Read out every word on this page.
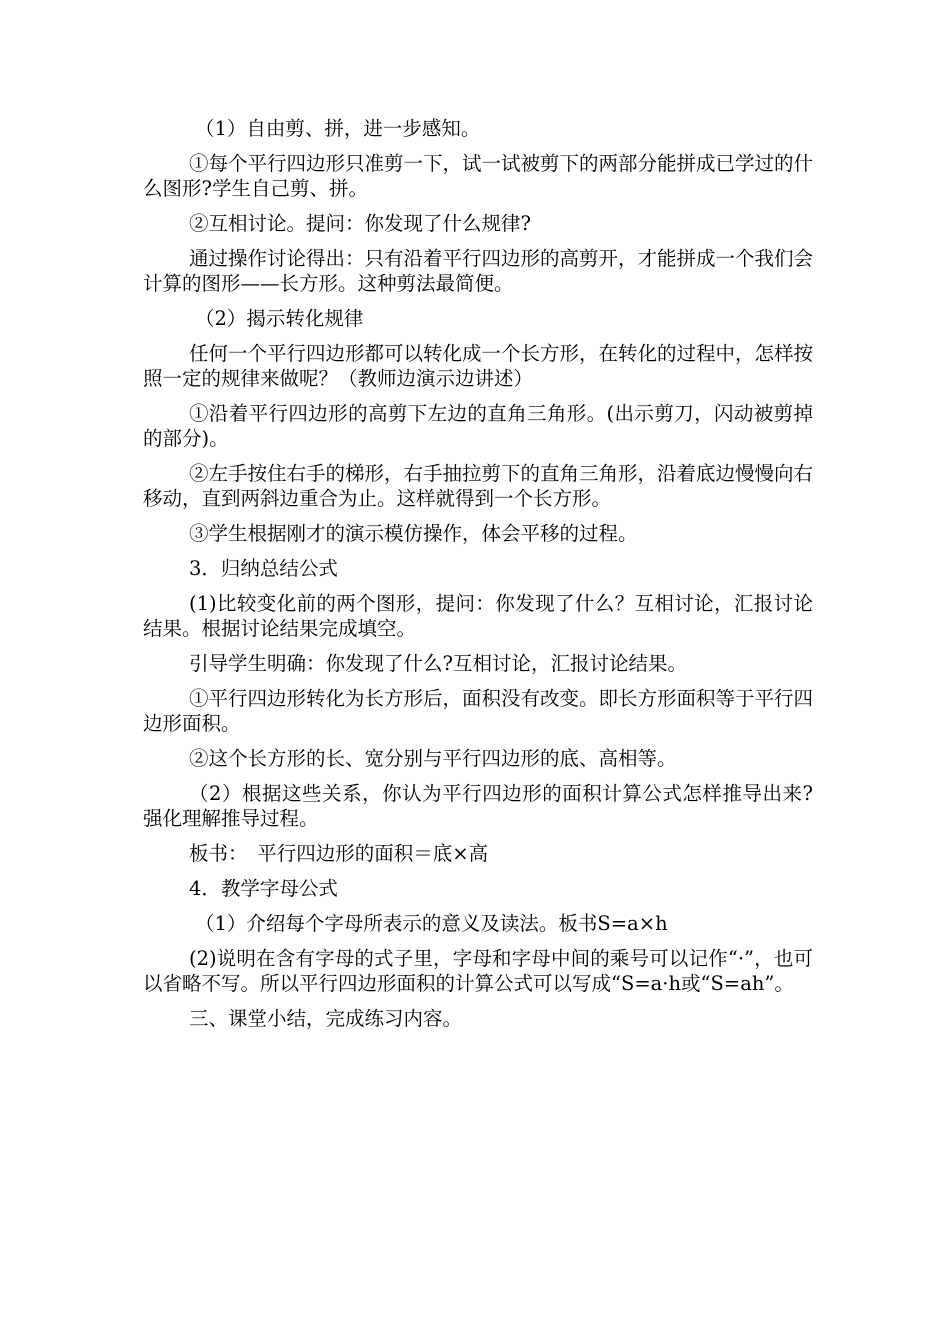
（1）自由剪、拼，进一步感知。

①每个平行四边形只准剪一下，试一试被剪下的两部分能拼成已学过的什么图形?学生自己剪、拼。

②互相讨论。提问：你发现了什么规律?

通过操作讨论得出：只有沿着平行四边形的高剪开，才能拼成一个我们会计算的图形——长方形。这种剪法最简便。

（2）揭示转化规律

任何一个平行四边形都可以转化成一个长方形，在转化的过程中，怎样按照一定的规律来做呢？（教师边演示边讲述）

①沿着平行四边形的高剪下左边的直角三角形。(出示剪刀，闪动被剪掉的部分)。

②左手按住右手的梯形，右手抽拉剪下的直角三角形，沿着底边慢慢向右移动，直到两斜边重合为止。这样就得到一个长方形。

③学生根据刚才的演示模仿操作，体会平移的过程。

3．归纳总结公式

(1)比较变化前的两个图形，提问：你发现了什么？互相讨论，汇报讨论结果。根据讨论结果完成填空。

引导学生明确：你发现了什么?互相讨论，汇报讨论结果。

①平行四边形转化为长方形后，面积没有改变。即长方形面积等于平行四边形面积。

②这个长方形的长、宽分别与平行四边形的底、高相等。

（2）根据这些关系，你认为平行四边形的面积计算公式怎样推导出来?强化理解推导过程。

板书：　平行四边形的面积＝底×高

4．教学字母公式

（1）介绍每个字母所表示的意义及读法。板书S=a×h

(2)说明在含有字母的式子里，字母和字母中间的乘号可以记作“·”，也可以省略不写。所以平行四边形面积的计算公式可以写成“S=a·h或“S=ah”。

三、课堂小结，完成练习内容。
